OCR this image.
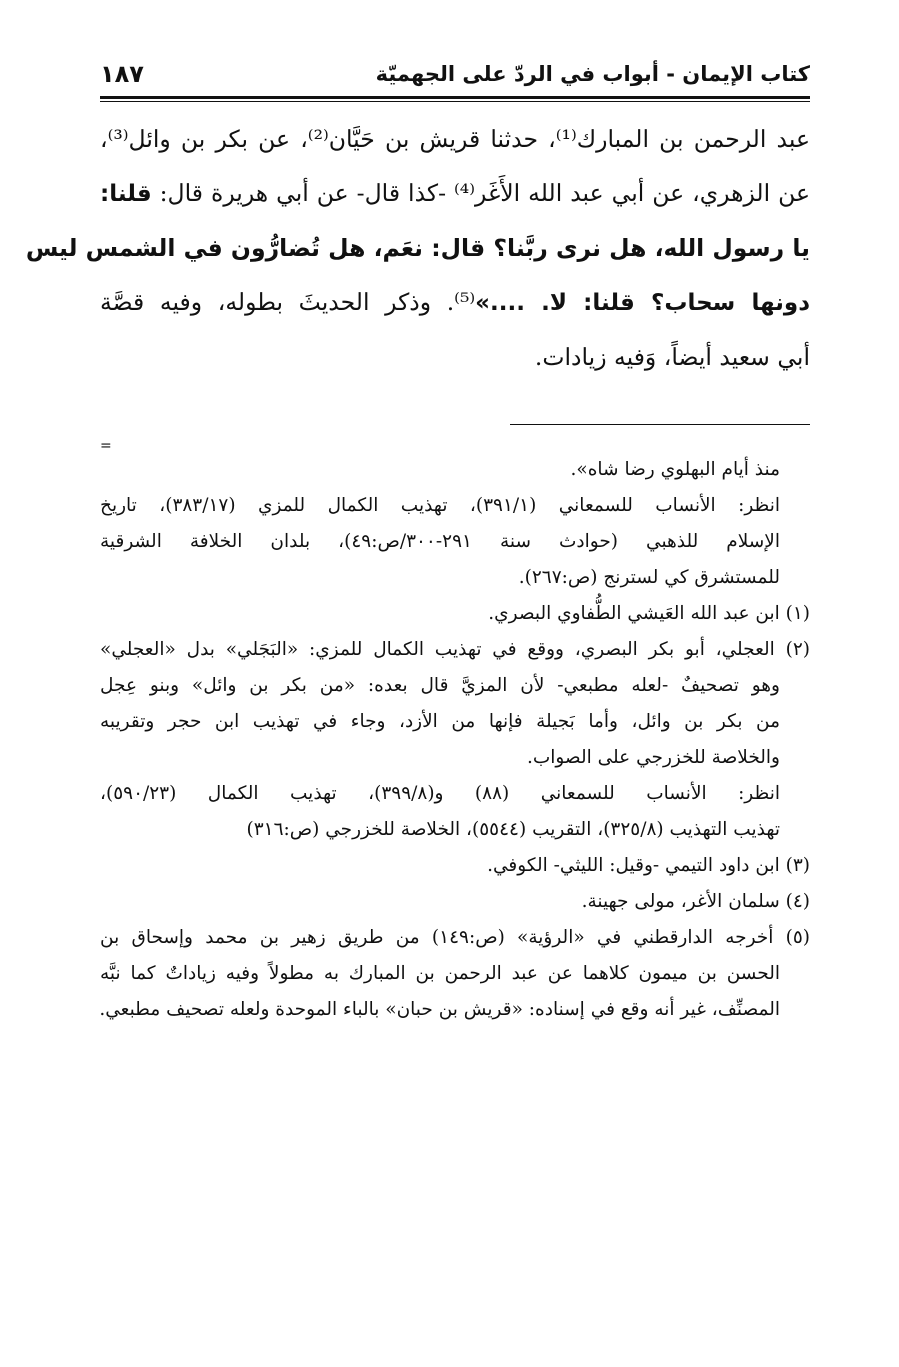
كتاب الإيمان - أبواب في الردّ على الجهميّة
١٨٧

عبد الرحمن بن المبارك⁽¹⁾، حدثنا قريش بن حَيَّان⁽²⁾، عن بكر بن وائل⁽³⁾،

عن الزهري، عن أبي عبد الله الأَغَر⁽⁴⁾ -كذا قال- عن أبي هريرة قال: قلنا:

يا رسول الله، هل نرى ربَّنا؟ قال: نعَم، هل تُضارُّون في الشمس ليس

دونها سحاب؟ قلنا: لا. ....»⁽⁵⁾. وذكر الحديثَ بطوله، وفيه قصَّة

أبي سعيد أيضاً، وَفيه زيادات.

=

منذ أيام البهلوي رضا شاه».

انظر: الأنساب للسمعاني (٣٩١/١)، تهذيب الكمال للمزي (٣٨٣/١٧)، تاريخ

الإسلام للذهبي (حوادث سنة ٢٩١-٣٠٠/ص:٤٩)، بلدان الخلافة الشرقية

للمستشرق كي لسترنج (ص:٢٦٧).

(١) ابن عبد الله العَيشي الطُّفاوي البصري.

(٢) العجلي، أبو بكر البصري، ووقع في تهذيب الكمال للمزي: «البَجَلي» بدل «العجلي»

وهو تصحيفٌ -لعله مطبعي- لأن المزيَّ قال بعده: «من بكر بن وائل» وبنو عِجل

من بكر بن وائل، وأما بَجيلة فإنها من الأزد، وجاء في تهذيب ابن حجر وتقريبه

والخلاصة للخزرجي على الصواب.

انظر: الأنساب للسمعاني (٨٨) و(٣٩٩/٨)، تهذيب الكمال (٥٩٠/٢٣)،

تهذيب التهذيب (٣٢٥/٨)، التقريب (٥٥٤٤)، الخلاصة للخزرجي (ص:٣١٦)

(٣) ابن داود التيمي -وقيل: الليثي- الكوفي.

(٤) سلمان الأغر، مولى جهينة.

(٥) أخرجه الدارقطني في «الرؤية» (ص:١٤٩) من طريق زهير بن محمد وإسحاق بن

الحسن بن ميمون كلاهما عن عبد الرحمن بن المبارك به مطولاً وفيه زياداتٌ كما نبَّه

المصنِّف، غير أنه وقع في إسناده: «قريش بن حبان» بالباء الموحدة ولعله تصحيف مطبعي.
